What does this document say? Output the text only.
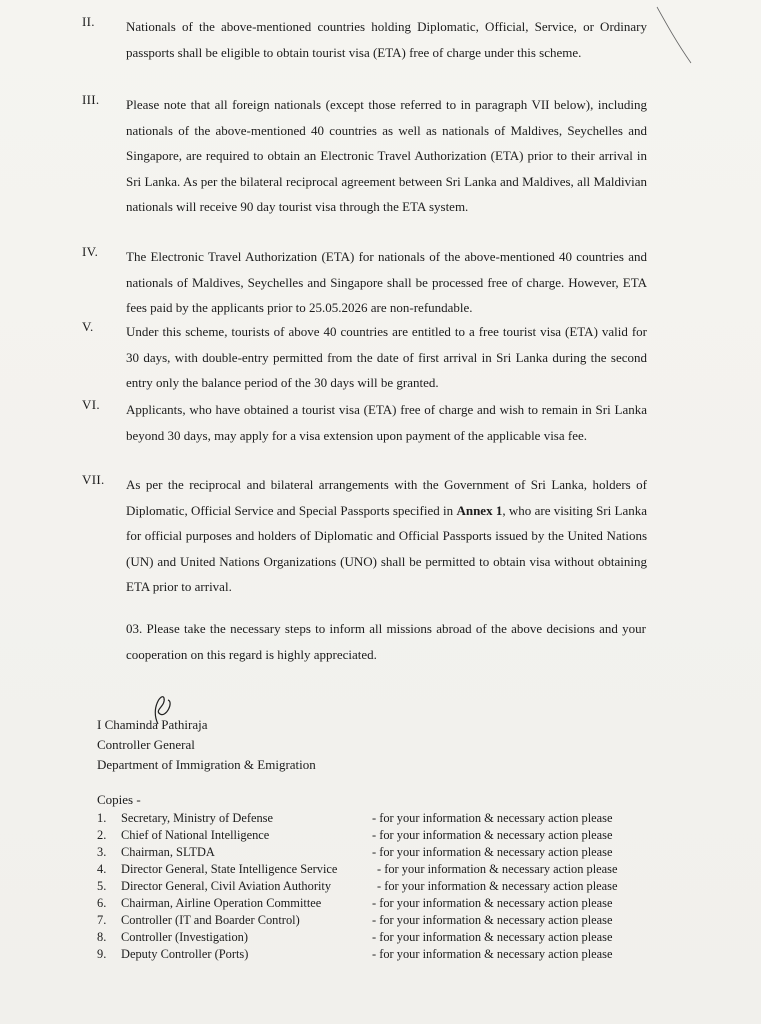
II.	Nationals of the above-mentioned countries holding Diplomatic, Official, Service, or Ordinary passports shall be eligible to obtain tourist visa (ETA) free of charge under this scheme.
III.	Please note that all foreign nationals (except those referred to in paragraph VII below), including nationals of the above-mentioned 40 countries as well as nationals of Maldives, Seychelles and Singapore, are required to obtain an Electronic Travel Authorization (ETA) prior to their arrival in Sri Lanka. As per the bilateral reciprocal agreement between Sri Lanka and Maldives, all Maldivian nationals will receive 90 day tourist visa through the ETA system.
IV.	The Electronic Travel Authorization (ETA) for nationals of the above-mentioned 40 countries and nationals of Maldives, Seychelles and Singapore shall be processed free of charge. However, ETA fees paid by the applicants prior to 25.05.2026 are non-refundable.
V.	Under this scheme, tourists of above 40 countries are entitled to a free tourist visa (ETA) valid for 30 days, with double-entry permitted from the date of first arrival in Sri Lanka during the second entry only the balance period of the 30 days will be granted.
VI.	Applicants, who have obtained a tourist visa (ETA) free of charge and wish to remain in Sri Lanka beyond 30 days, may apply for a visa extension upon payment of the applicable visa fee.
VII.	As per the reciprocal and bilateral arrangements with the Government of Sri Lanka, holders of Diplomatic, Official Service and Special Passports specified in Annex 1, who are visiting Sri Lanka for official purposes and holders of Diplomatic and Official Passports issued by the United Nations (UN) and United Nations Organizations (UNO) shall be permitted to obtain visa without obtaining ETA prior to arrival.
03. Please take the necessary steps to inform all missions abroad of the above decisions and your cooperation on this regard is highly appreciated.
I Chaminda Pathiraja
Controller General
Department of Immigration & Emigration
Copies -
1.	Secretary, Ministry of Defense	- for your information & necessary action please
2.	Chief of National Intelligence	- for your information & necessary action please
3.	Chairman, SLTDA	- for your information & necessary action please
4.	Director General, State Intelligence Service	- for your information & necessary action please
5.	Director General, Civil Aviation Authority	- for your information & necessary action please
6.	Chairman, Airline Operation Committee	- for your information & necessary action please
7.	Controller (IT and Boarder Control)	- for your information & necessary action please
8.	Controller (Investigation)	- for your information & necessary action please
9.	Deputy Controller (Ports)	- for your information & necessary action please
